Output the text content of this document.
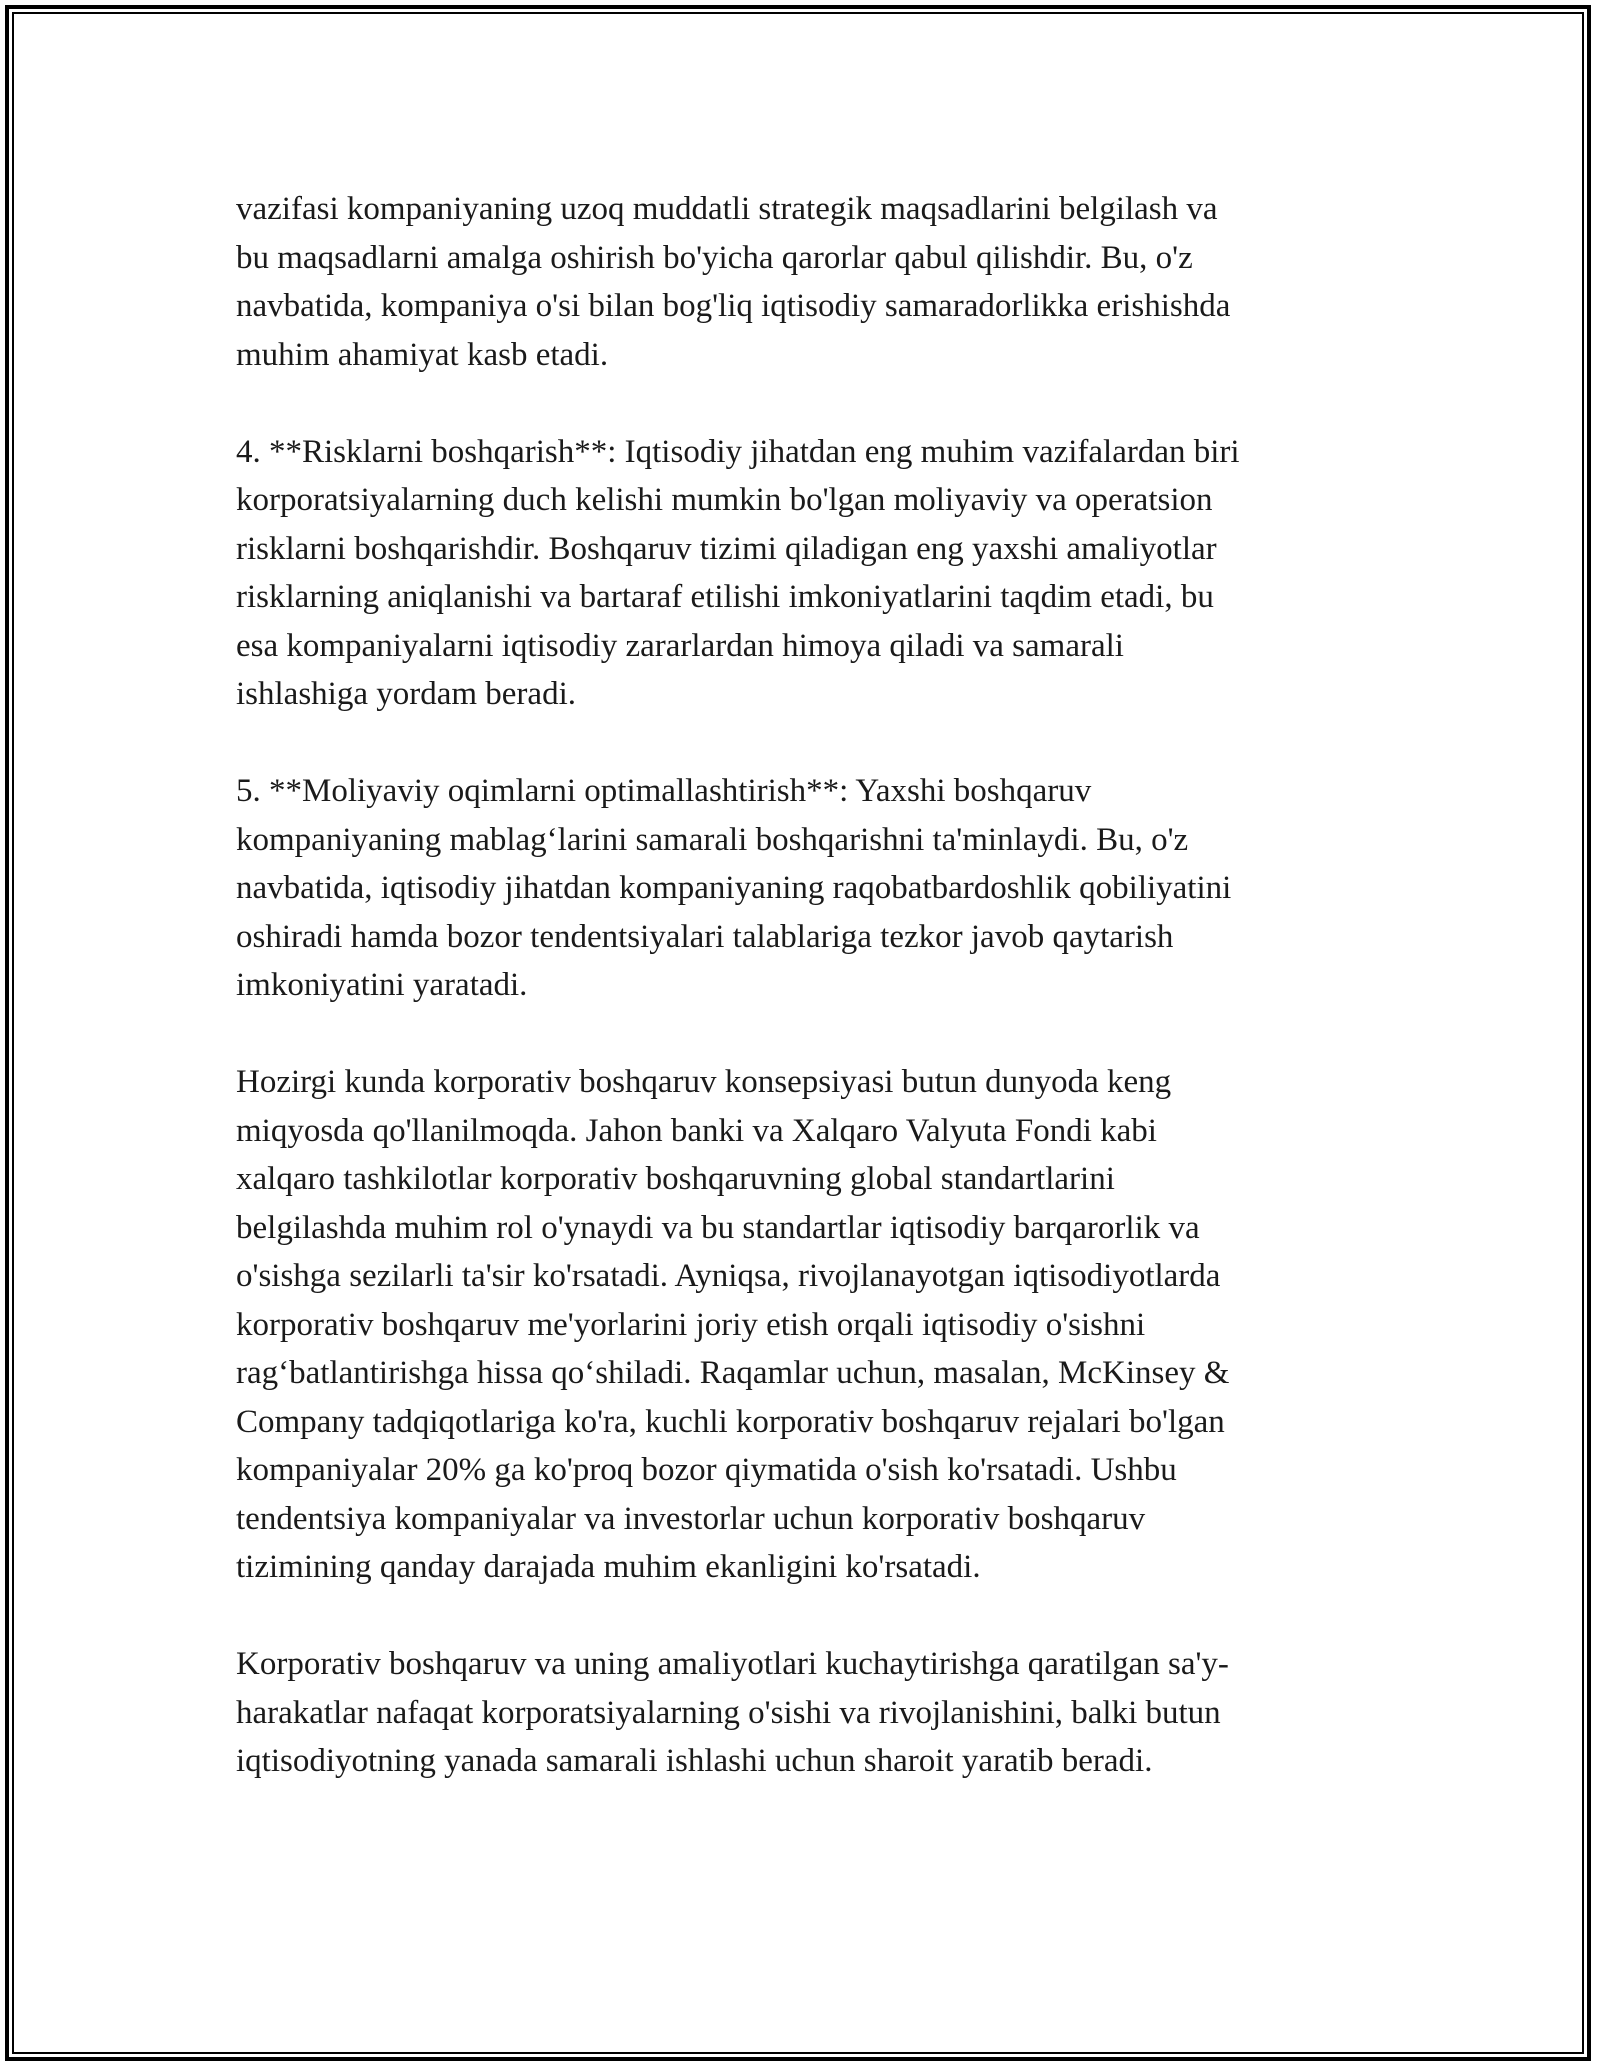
vazifasi kompaniyaning uzoq muddatli strategik maqsadlarini belgilash va
bu maqsadlarni amalga oshirish bo'yicha qarorlar qabul qilishdir. Bu, o'z
navbatida, kompaniya o'si bilan bog'liq iqtisodiy samaradorlikka erishishda
muhim ahamiyat kasb etadi.

4. **Risklarni boshqarish**: Iqtisodiy jihatdan eng muhim vazifalardan biri
korporatsiyalarning duch kelishi mumkin bo'lgan moliyaviy va operatsion
risklarni boshqarishdir. Boshqaruv tizimi qiladigan eng yaxshi amaliyotlar
risklarning aniqlanishi va bartaraf etilishi imkoniyatlarini taqdim etadi, bu
esa kompaniyalarni iqtisodiy zararlardan himoya qiladi va samarali
ishlashiga yordam beradi.

5. **Moliyaviy oqimlarni optimallashtirish**: Yaxshi boshqaruv
kompaniyaning mablag‘larini samarali boshqarishni ta'minlaydi. Bu, o'z
navbatida, iqtisodiy jihatdan kompaniyaning raqobatbardoshlik qobiliyatini
oshiradi hamda bozor tendentsiyalari talablariga tezkor javob qaytarish
imkoniyatini yaratadi.

Hozirgi kunda korporativ boshqaruv konsepsiyasi butun dunyoda keng
miqyosda qo'llanilmoqda. Jahon banki va Xalqaro Valyuta Fondi kabi
xalqaro tashkilotlar korporativ boshqaruvning global standartlarini
belgilashda muhim rol o'ynaydi va bu standartlar iqtisodiy barqarorlik va
o'sishga sezilarli ta'sir ko'rsatadi. Ayniqsa, rivojlanayotgan iqtisodiyotlarda
korporativ boshqaruv me'yorlarini joriy etish orqali iqtisodiy o'sishni
rag‘batlantirishga hissa qo‘shiladi. Raqamlar uchun, masalan, McKinsey &
Company tadqiqotlariga ko'ra, kuchli korporativ boshqaruv rejalari bo'lgan
kompaniyalar 20% ga ko'proq bozor qiymatida o'sish ko'rsatadi. Ushbu
tendentsiya kompaniyalar va investorlar uchun korporativ boshqaruv
tizimining qanday darajada muhim ekanligini ko'rsatadi.

Korporativ boshqaruv va uning amaliyotlari kuchaytirishga qaratilgan sa'y-
harakatlar nafaqat korporatsiyalarning o'sishi va rivojlanishini, balki butun
iqtisodiyotning yanada samarali ishlashi uchun sharoit yaratib beradi.
